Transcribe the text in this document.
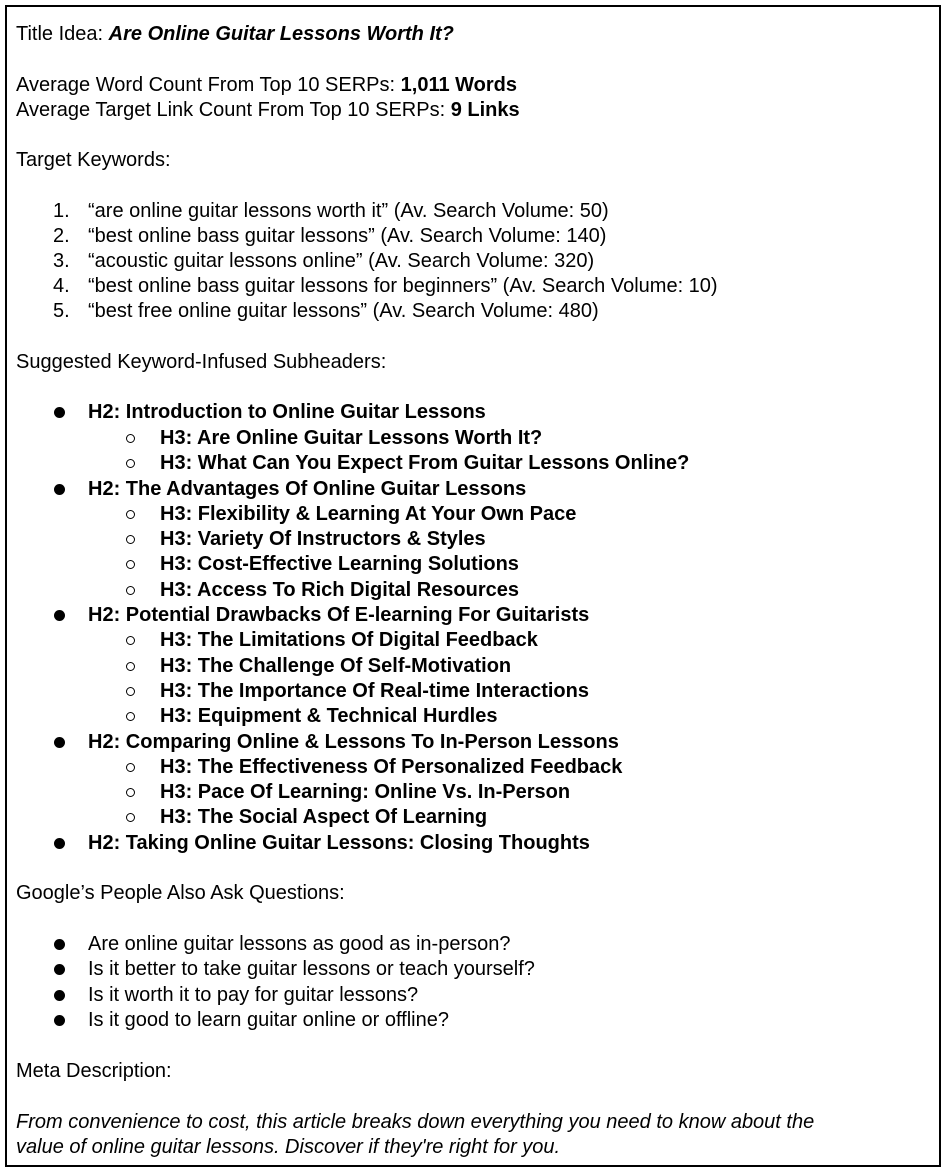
Title Idea: Are Online Guitar Lessons Worth It?
Average Word Count From Top 10 SERPs: 1,011 Words
Average Target Link Count From Top 10 SERPs: 9 Links
Target Keywords:
1. “are online guitar lessons worth it” (Av. Search Volume: 50)
2. “best online bass guitar lessons” (Av. Search Volume: 140)
3. “acoustic guitar lessons online” (Av. Search Volume: 320)
4. “best online bass guitar lessons for beginners” (Av. Search Volume: 10)
5. “best free online guitar lessons” (Av. Search Volume: 480)
Suggested Keyword-Infused Subheaders:
H2: Introduction to Online Guitar Lessons
H3: Are Online Guitar Lessons Worth It?
H3: What Can You Expect From Guitar Lessons Online?
H2: The Advantages Of Online Guitar Lessons
H3: Flexibility & Learning At Your Own Pace
H3: Variety Of Instructors & Styles
H3: Cost-Effective Learning Solutions
H3: Access To Rich Digital Resources
H2: Potential Drawbacks Of E-learning For Guitarists
H3: The Limitations Of Digital Feedback
H3: The Challenge Of Self-Motivation
H3: The Importance Of Real-time Interactions
H3: Equipment & Technical Hurdles
H2: Comparing Online & Lessons To In-Person Lessons
H3: The Effectiveness Of Personalized Feedback
H3: Pace Of Learning: Online Vs. In-Person
H3: The Social Aspect Of Learning
H2: Taking Online Guitar Lessons: Closing Thoughts
Google’s People Also Ask Questions:
Are online guitar lessons as good as in-person?
Is it better to take guitar lessons or teach yourself?
Is it worth it to pay for guitar lessons?
Is it good to learn guitar online or offline?
Meta Description:
From convenience to cost, this article breaks down everything you need to know about the
value of online guitar lessons. Discover if they're right for you.
